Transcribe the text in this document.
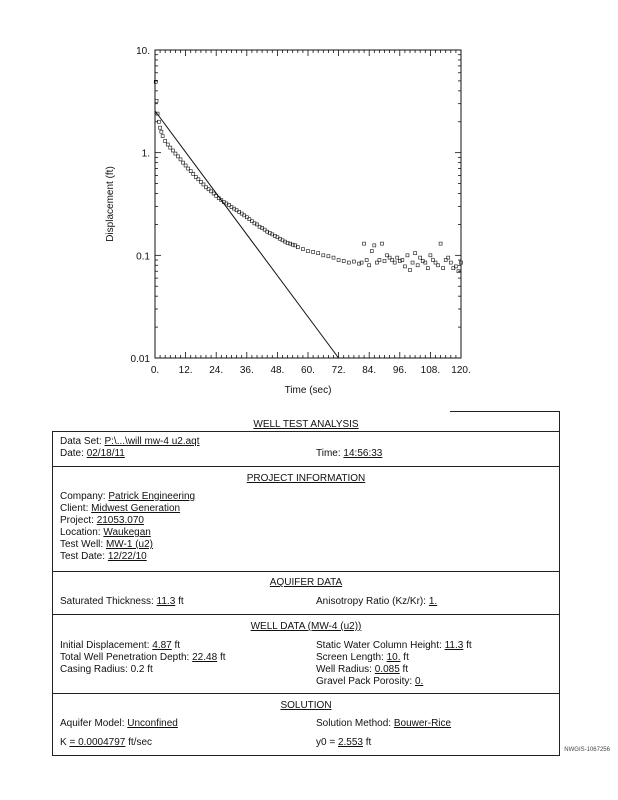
0. 12. 24. 36. 48. 60. 72. 84. 96. 108. 120.
0.01
0.1
1.
10.
Time (sec)
Displacement (ft)
WELL TEST ANALYSIS
Data Set: P:\...\will mw-4 u2.aqt
Date: 02/18/11	Time: 14:56:33
PROJECT INFORMATION
Company: Patrick Engineering
Client: Midwest Generation
Project: 21053.070
Location: Waukegan
Test Well: MW-1 (u2)
Test Date: 12/22/10
AQUIFER DATA
Saturated Thickness: 11.3 ft	Anisotropy Ratio (Kz/Kr): 1.
WELL DATA (MW-4 (u2))
Initial Displacement: 4.87 ft
Total Well Penetration Depth: 22.48 ft
Casing Radius: 0.2 ft
Static Water Column Height: 11.3 ft
Screen Length: 10. ft
Well Radius: 0.085 ft
Gravel Pack Porosity: 0.
SOLUTION
Aquifer Model: Unconfined	Solution Method: Bouwer-Rice
K = 0.0004797 ft/sec	y0 = 2.553 ft
NWGIS-1067256
